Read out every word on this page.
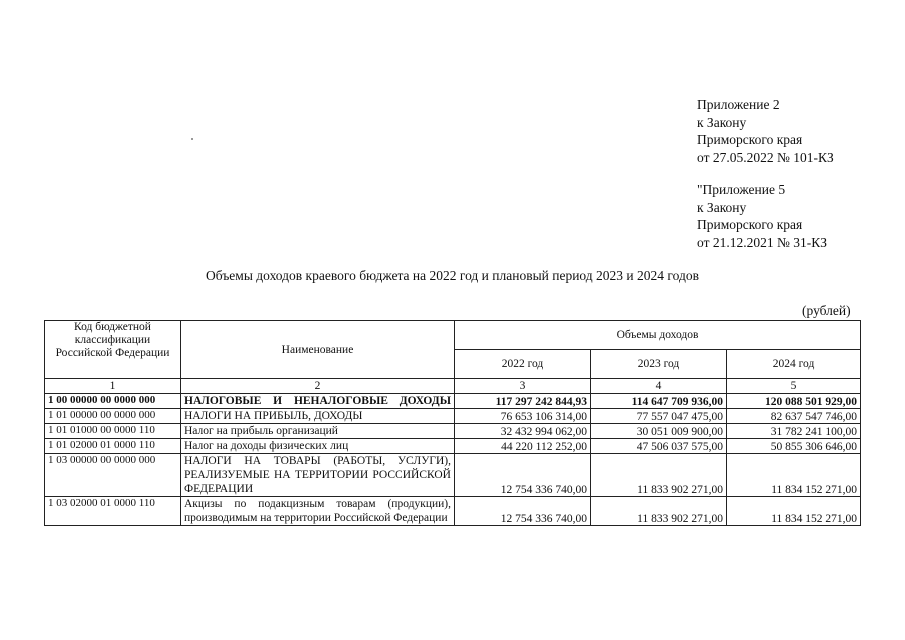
Приложение 2
к Закону
Приморского края
от 27.05.2022 № 101-КЗ
"Приложение 5
к Закону
Приморского края
от 21.12.2021 № 31-КЗ
Объемы доходов краевого бюджета на 2022 год и плановый период 2023 и 2024 годов
(рублей)
Код бюджетной классификации Российской Федерации	Наименование	Объемы доходов		
		2022 год	2023 год	2024 год
1	2	3	4	5
1 00 00000 00 0000 000	НАЛОГОВЫЕ И НЕНАЛОГОВЫЕ ДОХОДЫ	117 297 242 844,93	114 647 709 936,00	120 088 501 929,00
1 01 00000 00 0000 000	НАЛОГИ НА ПРИБЫЛЬ, ДОХОДЫ	76 653 106 314,00	77 557 047 475,00	82 637 547 746,00
1 01 01000 00 0000 110	Налог на прибыль организаций	32 432 994 062,00	30 051 009 900,00	31 782 241 100,00
1 01 02000 01 0000 110	Налог на доходы физических лиц	44 220 112 252,00	47 506 037 575,00	50 855 306 646,00
1 03 00000 00 0000 000	НАЛОГИ НА ТОВАРЫ (РАБОТЫ, УСЛУГИ), РЕАЛИЗУЕМЫЕ НА ТЕРРИТОРИИ РОССИЙСКОЙ ФЕДЕРАЦИИ	12 754 336 740,00	11 833 902 271,00	11 834 152 271,00
1 03 02000 01 0000 110	Акцизы по подакцизным товарам (продукции), производимым на территории Российской Федерации	12 754 336 740,00	11 833 902 271,00	11 834 152 271,00
